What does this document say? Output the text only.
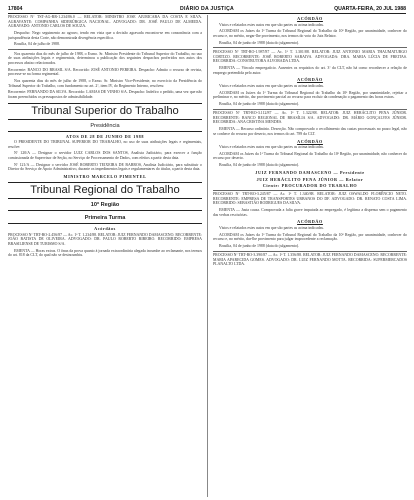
17804	DIÁRIO DA JUSTIÇA	QUARTA-FEIRA, 20 JUL 1988

PROCESSO Nº TST-AG-RR-1.234/86.0 — RELATOR: MINISTRO JOSÉ AJURICABA DA COSTA E SILVA. AGRAVANTE: COMPANHIA SIDERÚRGICA NACIONAL. ADVOGADO: DR. JOSÉ PAULO DE ALMEIDA. AGRAVADO: ANTONIO CARLOS DE SOUZA.

Despacho: Nego seguimento ao agravo, tendo em vista que a decisão agravada encontra-se em consonância com a jurisprudência desta Corte, não demonstrada divergência específica.

Brasília, 04 de julho de 1988.

Nos quarenta dias do mês de julho de 1988, o Exmo. Sr. Ministro Presidente do Tribunal Superior do Trabalho, no uso de suas atribuições legais e regimentais, determinou a publicação dos seguintes despachos proferidos nos autos dos processos abaixo relacionados.

Recorrente: BANCO DO BRASIL S/A. Recorrido: JOSÉ ANTONIO PEREIRA. Despacho: Admito o recurso de revista, processe-se na forma regimental.

Nos quarenta dias do mês de julho de 1988, o Exmo. Sr. Ministro Vice-Presidente, no exercício da Presidência do Tribunal Superior do Trabalho, com fundamento no art. 2º, item IV, do Regimento Interno, resolveu:

Recorrente: FERNANDO DA SILVA. Recorrido: LAMAS DE VINHO S/A. Despacho: Indefiro o pedido, uma vez que não foram preenchidos os pressupostos de admissibilidade.

Tribunal Superior do Trabalho
Presidência

ATOS DE 28 DE JUNHO DE 1988

O PRESIDENTE DO TRIBUNAL SUPERIOR DO TRABALHO, no uso de suas atribuições legais e regimentais, resolve:

Nº 120/A — Designar o servidor LUIZ CARLOS DOS SANTOS, Analista Judiciário, para exercer a função comissionada de Supervisor de Seção, no Serviço de Processamento de Dados, com efeitos a partir desta data.

Nº 121/A — Designar o servidor JOSÉ ROBERTO TEIXEIRA DE BARROS, Analista Judiciário, para substituir o Diretor do Serviço de Apoio Administrativo, durante os impedimentos legais e regulamentares do titular, a partir desta data.

MINISTRO MARCELO PIMENTEL

Tribunal Regional do Trabalho
10ª Região
Primeira Turma

Acórdãos

PROCESSO Nº TRT-RO-2.456/87 — Ac. 1ª T. 1.234/88. RELATOR: JUIZ FERNANDO DAMASCENO. RECORRENTE: JOÃO BATISTA DE OLIVEIRA. ADVOGADO: DR. PAULO ROBERTO RIBEIRO. RECORRIDO: EMPRESA BRASILIENSE DE TURISMO S/A.

EMENTA — Horas extras. O ônus da prova quanto à jornada extraordinária alegada incumbe ao reclamante, nos termos do art. 818 da CLT, do qual não se desincumbiu.

ACÓRDÃO

Vistos e relatados estes autos em que são partes as acima indicadas.

ACORDAM os Juízes da 1ª Turma do Tribunal Regional do Trabalho da 10ª Região, por unanimidade, conhecer do recurso e, no mérito, negar-lhe provimento, nos termos do voto do Juiz Relator.

Brasília, 04 de junho de 1988 (data do julgamento).

PROCESSO Nº TRT-RO-1.987/87 — Ac. 1ª T. 1.301/88. RELATOR: JUIZ ANTONIO MARIA THAUMATURGO CORTIZO. RECORRENTE: JOSÉ ROBERTO SARAIVA. ADVOGADA: DRA. MARIA LÚCIA DE FREITAS. RECORRIDA: CONSTRUTORA ALVORADA LTDA.

EMENTA — Vínculo empregatício. Ausentes os requisitos do art. 3º da CLT, não há como reconhecer a relação de emprego pretendida pelo autor.

ACÓRDÃO

Vistos e relatados estes autos em que são partes as acima indicadas.

ACORDAM os Juízes da 1ª Turma do Tribunal Regional do Trabalho da 10ª Região, por unanimidade, rejeitar a preliminar e, no mérito, dar provimento parcial ao recurso para excluir da condenação o pagamento das horas extras.

Brasília, 04 de junho de 1988 (data do julgamento).

PROCESSO Nº TRT-RO-3.112/87 — Ac. 1ª T. 1.322/88. RELATOR: JUIZ HERÁCLITO PENA JÚNIOR. RECORRENTE: BANCO REGIONAL DE BRASÍLIA S/A. ADVOGADO: DR. MÁRIO GONÇALVES JÚNIOR. RECORRIDA: ANA CRISTINA MENDES.

EMENTA — Recurso ordinário. Deserção. Não comprovado o recolhimento das custas processuais no prazo legal, não se conhece do recurso por deserto, nos termos do art. 789 da CLT.

ACÓRDÃO

Vistos e relatados estes autos em que são partes as acima indicadas.

ACORDAM os Juízes da 1ª Turma do Tribunal Regional do Trabalho da 10ª Região, por unanimidade, não conhecer do recurso por deserto.

Brasília, 04 de junho de 1988 (data do julgamento).

JUIZ FERNANDO DAMASCENO — Presidente

JUIZ HERÁCLITO PENA JÚNIOR — Relator

Ciente: PROCURADOR DO TRABALHO

PROCESSO Nº TRT-RO-3.245/87 — Ac. 1ª T. 1.340/88. RELATOR: JUIZ OSWALDO FLORÊNCIO NETO. RECORRENTE: EMPRESA DE TRANSPORTES URBANOS DO DF. ADVOGADO: DR. RENATO COSTA LIMA. RECORRIDO: SEBASTIÃO RODRIGUES DA SILVA.

EMENTA — Justa causa. Comprovada a falta grave imputada ao empregado, é legítima a dispensa sem o pagamento das verbas rescisórias.

ACÓRDÃO

Vistos e relatados estes autos em que são partes as acima indicadas.

ACORDAM os Juízes da 1ª Turma do Tribunal Regional do Trabalho da 10ª Região, por unanimidade, conhecer do recurso e, no mérito, dar-lhe provimento para julgar improcedente a reclamação.

Brasília, 04 de junho de 1988 (data do julgamento).

PROCESSO Nº TRT-RO-3.390/87 — Ac. 1ª T. 1.356/88. RELATOR: JUIZ FERNANDO DAMASCENO. RECORRENTE: MARIA APARECIDA GOMES. ADVOGADO: DR. LUIZ FERNANDO MOTTA. RECORRIDA: SUPERMERCADOS PLANALTO LTDA.
